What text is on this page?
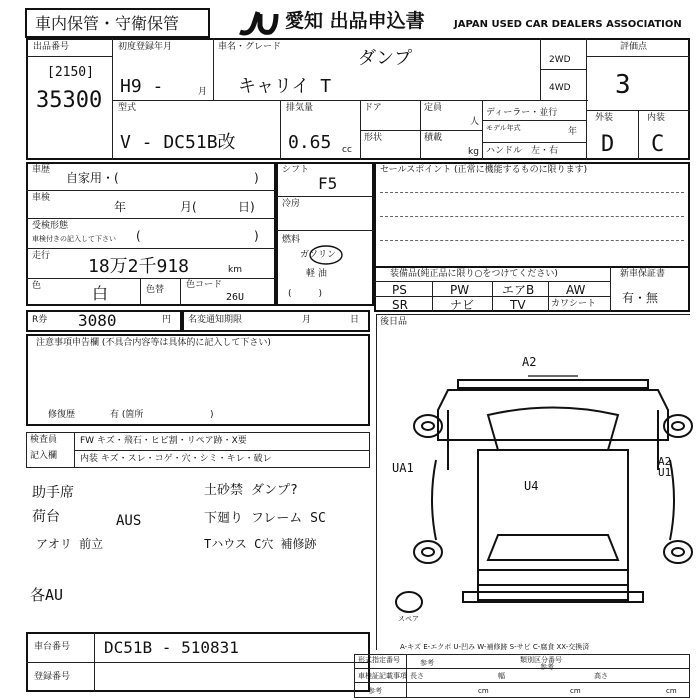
車内保管・守衛保管	愛知 出品申込書	JAPAN USED CAR DEALERS ASSOCIATION
出品番号
[2150]
35300
初度登録年月
H9 -	月
車名・グレード
ダンプ
キャリイ T
2WD
4WD
評価点
3
外装	内装
D C
型式
V - DC51B改
排気量
0.65 cc
ドア
形状
定員
人
積載
kg
ディーラー・並行
モデル年式	年
ハンドル　左・右
車歴
自家用・(	)
車検
年	月(	日)
受検形態
車検付きの記入して下さい (	)
走行 18万2千918	km
色	白	色替 色コード
26U
シフト
F5
冷房
燃料
ガソリン
軽 油
(　　　)
セールスポイント (正常に機能するものに限ります)
装備品(純正品に限り○をつけてください)
PS	PW	エアB	AW
SR	ナビ	TV	カワシート
新車保証書
有・無
R券 3080	円 名変通知期限	月	日
注意事項申告欄 (不具合内容等は具体的に記入して下さい)
修復歴	有 (箇所	)
後日品
検査員
記入欄
FW キズ・飛石・ヒビ割・リペア跡・X要
内装 キズ・スレ・コゲ・穴・シミ・キレ・破レ
助手席
荷台	AUS
アオリ 前立
土砂禁 ダンプ?
下廻り フレーム SC
Tハウス C穴 補修跡
各AU
A2
UA1
U4
A2 U1
スペア
車台番号 DC51B - 510831
登録番号
A-キズ E-エクボ U-凹み W-補修跡 S-サビ C-腐食 XX-交換済
形式指定番号	参考	類別区分番号
参考
車検証記載事項
参考
長さ
cm
幅
cm
高さ
cm
